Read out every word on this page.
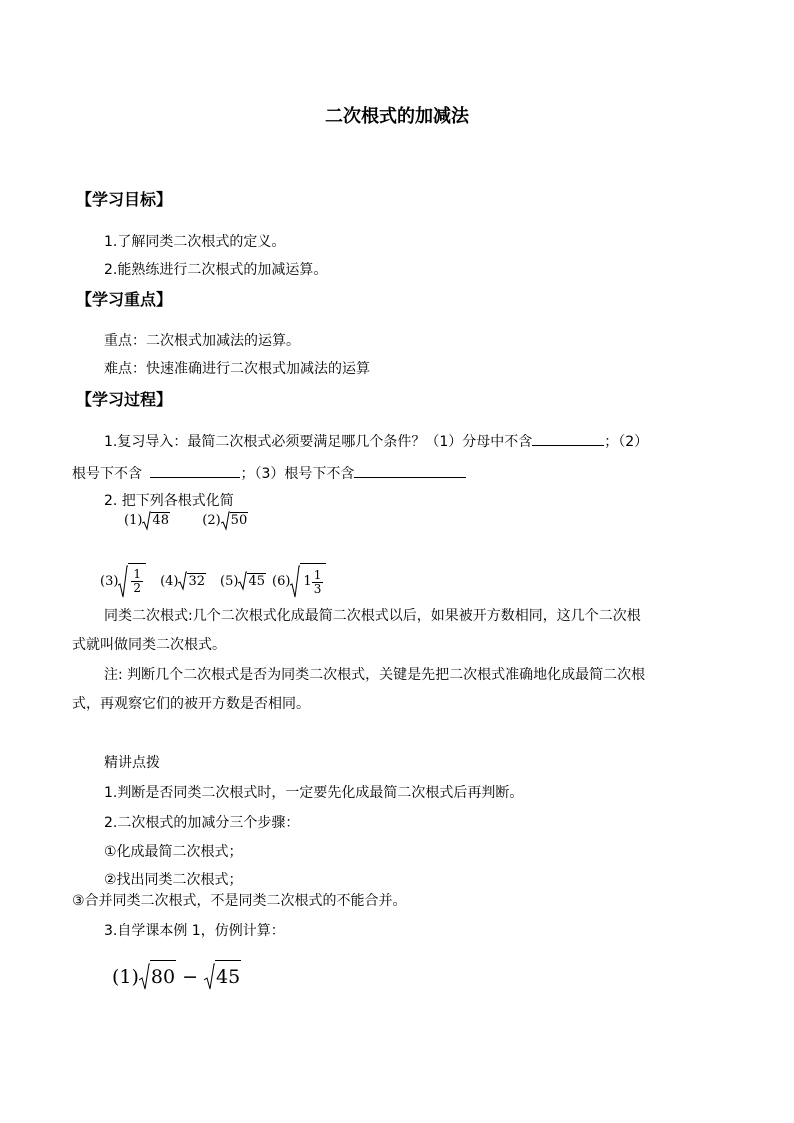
二次根式的加减法
【学习目标】
1.了解同类二次根式的定义。
2.能熟练进行二次根式的加减运算。
【学习重点】
重点：二次根式加减法的运算。
难点：快速准确进行二次根式加减法的运算
【学习过程】
1.复习导入：最简二次根式必须要满足哪几个条件？（1）分母中不含	；（2）
根号下不含	；（3）根号下不含
2. 把下列各根式化简
(1) 48	(2) 50
$(3) \frac{1}{2} (4)$ 32 (5) 45 (6) $1 \frac{1}{3}$
同类二次根式:几个二次根式化成最简二次根式以后，如果被开方数相同，这几个二次根
式就叫做同类二次根式。
注: 判断几个二次根式是否为同类二次根式，关键是先把二次根式准确地化成最简二次根
式，再观察它们的被开方数是否相同。
精讲点拨
1.判断是否同类二次根式时，一定要先化成最简二次根式后再判断。
2.二次根式的加减分三个步骤：
①化成最简二次根式；
②找出同类二次根式；
③合并同类二次根式，不是同类二次根式的不能合并。
3.自学课本例 1，仿例计算：
(1) 80 − 45
